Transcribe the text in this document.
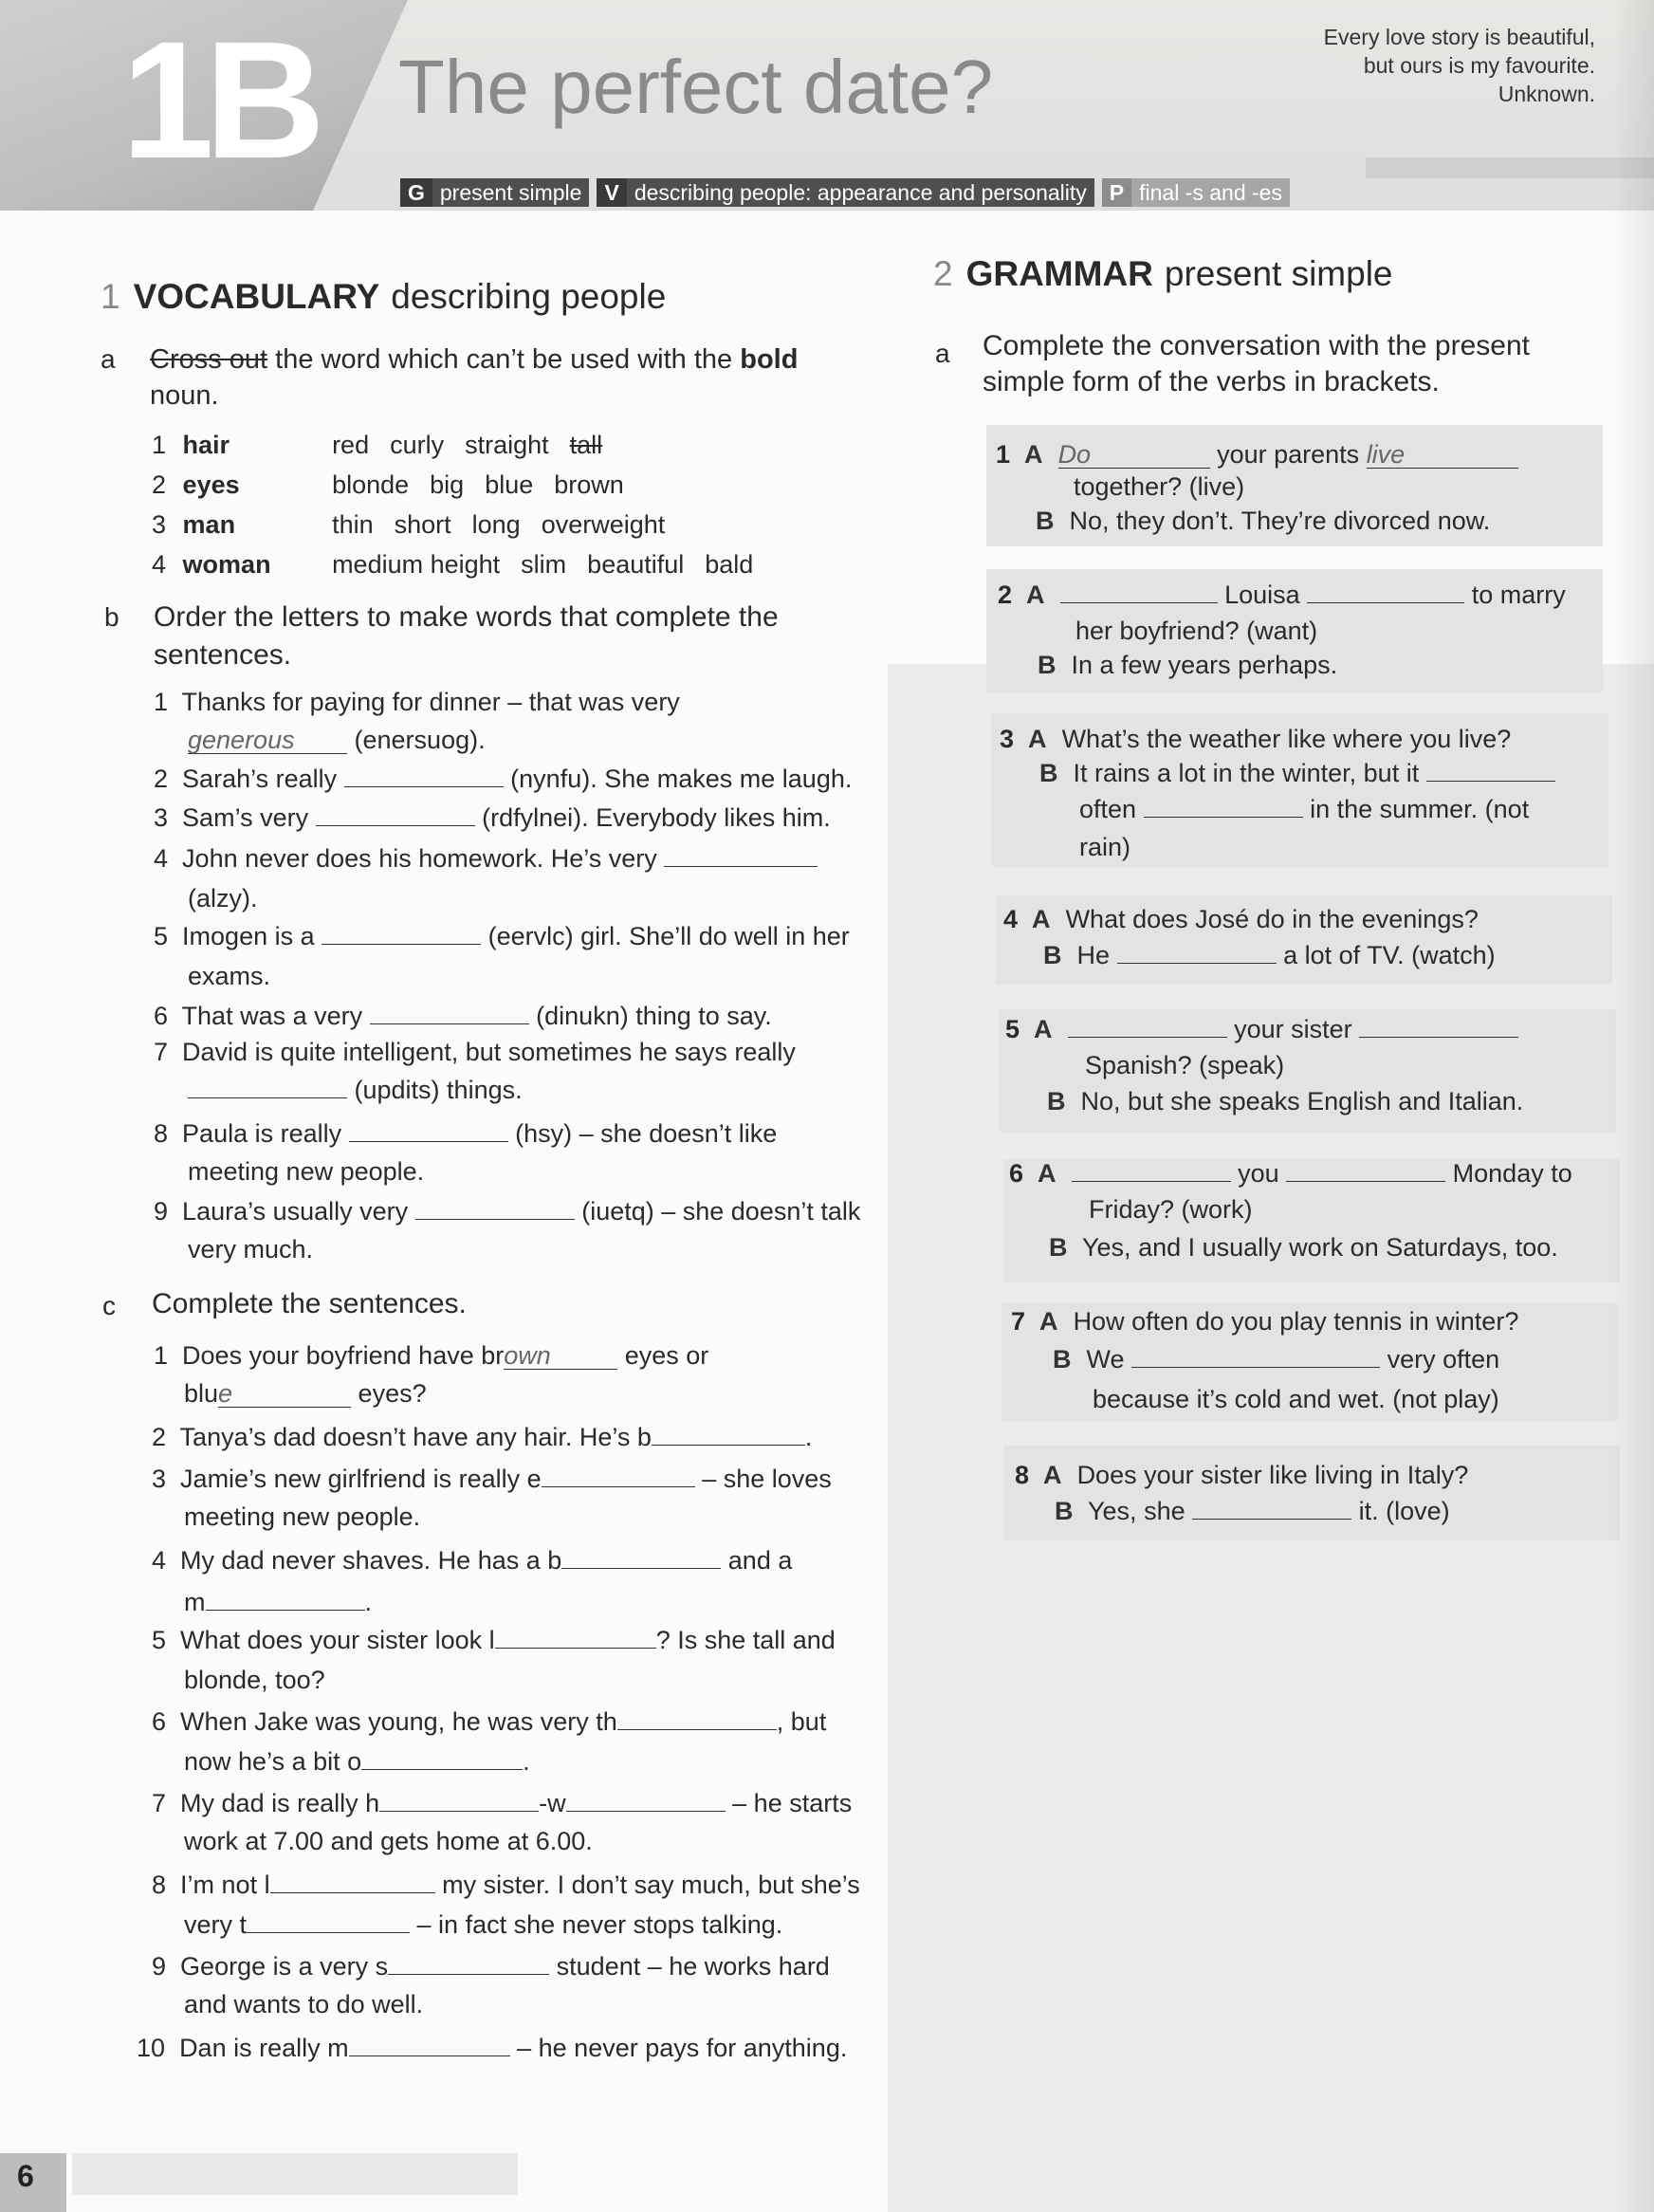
1B The perfect date?
Every love story is beautiful,
but ours is my favourite.
Unknown.
G present simple	V describing people: appearance and personality	P final -s and -es
1 VOCABULARY describing people
a Cross out the word which can’t be used with the bold
noun.
1 hair	red curly straight tall
2 eyes	blonde big blue brown
3 man	thin short long overweight
4 woman medium height slim beautiful bald
b Order the letters to make words that complete the
sentences.
1 Thanks for paying for dinner – that was very
generous (enersuog).
2 Sarah’s really	(nynfu). She makes me laugh.
3 Sam’s very	(rdfylnei). Everybody likes him.
4 John never does his homework. He’s very
(alzy).
5 Imogen is a	(eervlc) girl. She’ll do well in her
exams.
6 That was a very	(dinukn) thing to say.
7 David is quite intelligent, but sometimes he says really
(updits) things.
8 Paula is really	(hsy) – she doesn’t like
meeting new people.
9 Laura’s usually very	(iuetq) – she doesn’t talk
very much.
c Complete the sentences.
1 Does your boyfriend have brown	eyes or
blue	eyes?
2 Tanya’s dad doesn’t have any hair. He’s b	.
3 Jamie’s new girlfriend is really e	– she loves
meeting new people.
4 My dad never shaves. He has a b	and a
m	.
5 What does your sister look l	? Is she tall and
blonde, too?
6 When Jake was young, he was very th	, but
now he’s a bit o	.
7 My dad is really h	-w	– he starts
work at 7.00 and gets home at 6.00.
8 I’m not l	my sister. I don’t say much, but she’s
very t	– in fact she never stops talking.
9 George is a very s	student – he works hard
and wants to do well.
10 Dan is really m	– he never pays for anything.
2 GRAMMAR present simple
a Complete the conversation with the present
simple form of the verbs in brackets.
1 A Do	your parents live
together? (live)
B No, they don’t. They’re divorced now.
2 A	Louisa	to marry
her boyfriend? (want)
B In a few years perhaps.
3 A What’s the weather like where you live?
B It rains a lot in the winter, but it
often	in the summer. (not
rain)
4 A What does José do in the evenings?
B He	a lot of TV. (watch)
5 A	your sister
Spanish? (speak)
B No, but she speaks English and Italian.
6 A	you	Monday to
Friday? (work)
B Yes, and I usually work on Saturdays, too.
7 A How often do you play tennis in winter?
B We	very often
because it’s cold and wet. (not play)
8 A Does your sister like living in Italy?
B Yes, she	it. (love)
6
